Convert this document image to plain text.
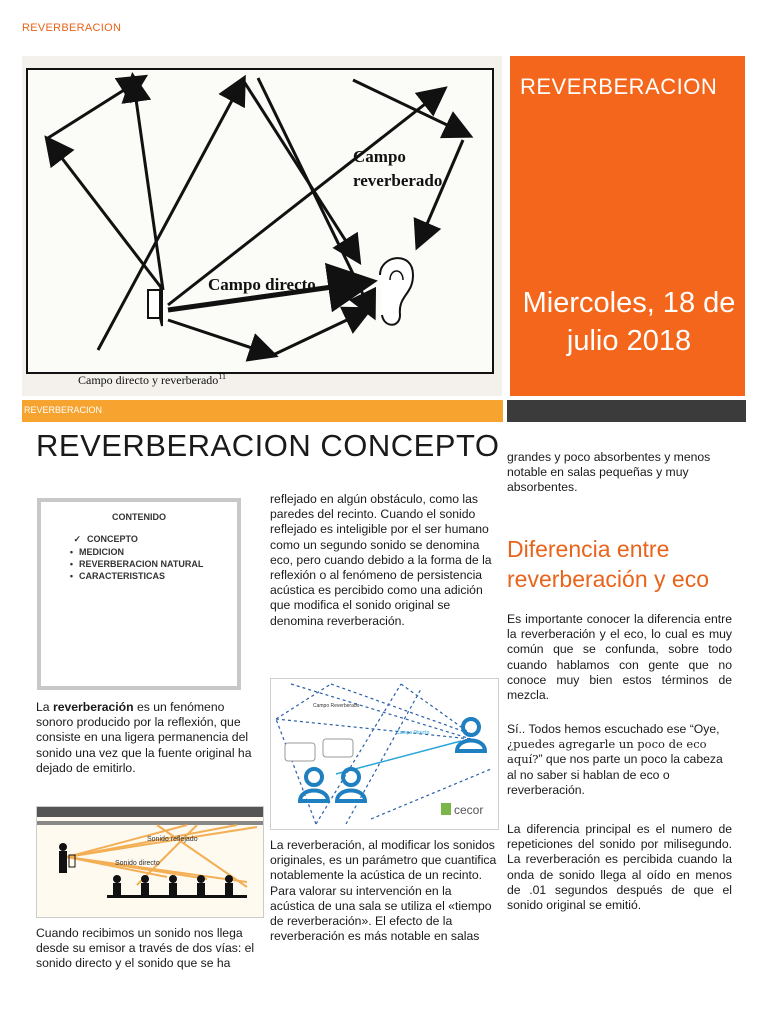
REVERBERACION
Campo
reverberado
Campo directo
Campo directo y reverberado$^{11}$
REVERBERACION
Miercoles, 18 de julio 2018
REVERBERACION
REVERBERACION CONCEPTO
CONTENIDO
✓ CONCEPTO
• MEDICION
• REVERBERACION NATURAL
• CARACTERISTICAS
La reverberación es un fenómeno sonoro producido por la reflexión, que consiste en una ligera permanencia del sonido una vez que la fuente original ha dejado de emitirlo.
Sonido reflejado
Sonido directo
Cuando recibimos un sonido nos llega desde su emisor a través de dos vías: el sonido directo y el sonido que se ha
reflejado en algún obstáculo, como las paredes del recinto. Cuando el sonido reflejado es inteligible por el ser humano como un segundo sonido se denomina eco, pero cuando debido a la forma de la reflexión o al fenómeno de persistencia acústica es percibido como una adición que modifica el sonido original se denomina reverberación.
Campo Reverberado
Campo Directo
cecor
La reverberación, al modificar los sonidos originales, es un parámetro que cuantifica notablemente la acústica de un recinto. Para valorar su intervención en la acústica de una sala se utiliza el «tiempo de reverberación». El efecto de la reverberación es más notable en salas
grandes y poco absorbentes y menos notable en salas pequeñas y muy absorbentes.
Diferencia entre reverberación y eco
Es importante conocer la diferencia entre la reverberación y el eco, lo cual es muy común que se confunda, sobre todo cuando hablamos con gente que no conoce muy bien estos términos de mezcla.
Sí.. Todos hemos escuchado ese “Oye, ¿puedes agregarle un poco de eco aquí?” que nos parte un poco la cabeza al no saber si hablan de eco o reverberación.
La diferencia principal es el numero de repeticiones del sonido por milisegundo. La reverberación es percibida cuando la onda de sonido llega al oído en menos de .01 segundos después de que el sonido original se emitió.
